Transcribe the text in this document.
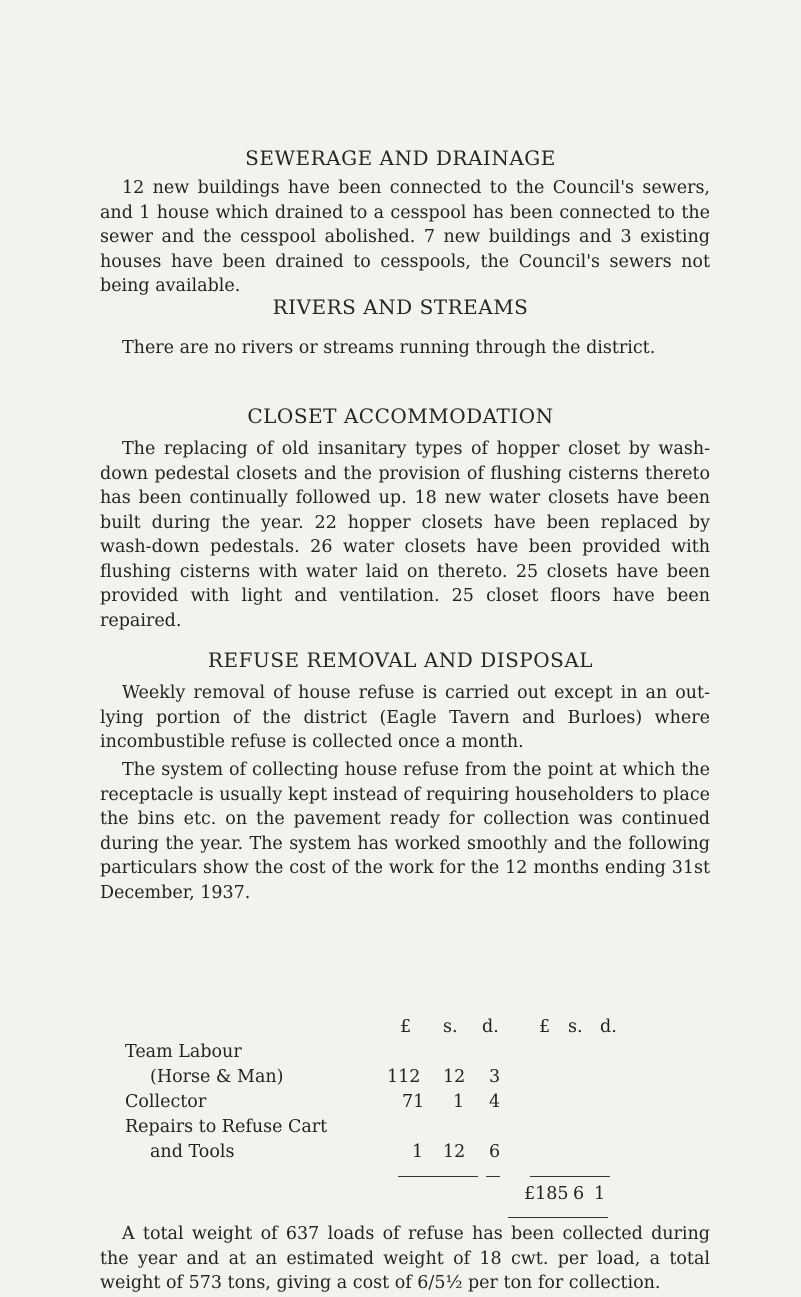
SEWERAGE AND DRAINAGE
12 new buildings have been connected to the Council's sewers, and 1 house which drained to a cesspool has been connected to the sewer and the cesspool abolished. 7 new buildings and 3 existing houses have been drained to cesspools, the Council's sewers not being available.
RIVERS AND STREAMS
There are no rivers or streams running through the district.
CLOSET ACCOMMODATION
The replacing of old insanitary types of hopper closet by wash-down pedestal closets and the provision of flushing cisterns thereto has been continually followed up. 18 new water closets have been built during the year. 22 hopper closets have been replaced by wash-down pedestals. 26 water closets have been provided with flushing cisterns with water laid on thereto. 25 closets have been provided with light and ventilation. 25 closet floors have been repaired.
REFUSE REMOVAL AND DISPOSAL
Weekly removal of house refuse is carried out except in an out-lying portion of the district (Eagle Tavern and Burloes) where incombustible refuse is collected once a month.
The system of collecting house refuse from the point at which the receptacle is usually kept instead of requiring householders to place the bins etc. on the pavement ready for collection was continued during the year. The system has worked smoothly and the following particulars show the cost of the work for the 12 months ending 31st December, 1937.
£ s. d. £ s. d.
Team Labour
(Horse & Man)	112 12 3
Collector	71 1 4
Repairs to Refuse Cart
and Tools	1 12 6
£185 6 1
A total weight of 637 loads of refuse has been collected during the year and at an estimated weight of 18 cwt. per load, a total weight of 573 tons, giving a cost of 6/5½ per ton for collection.
